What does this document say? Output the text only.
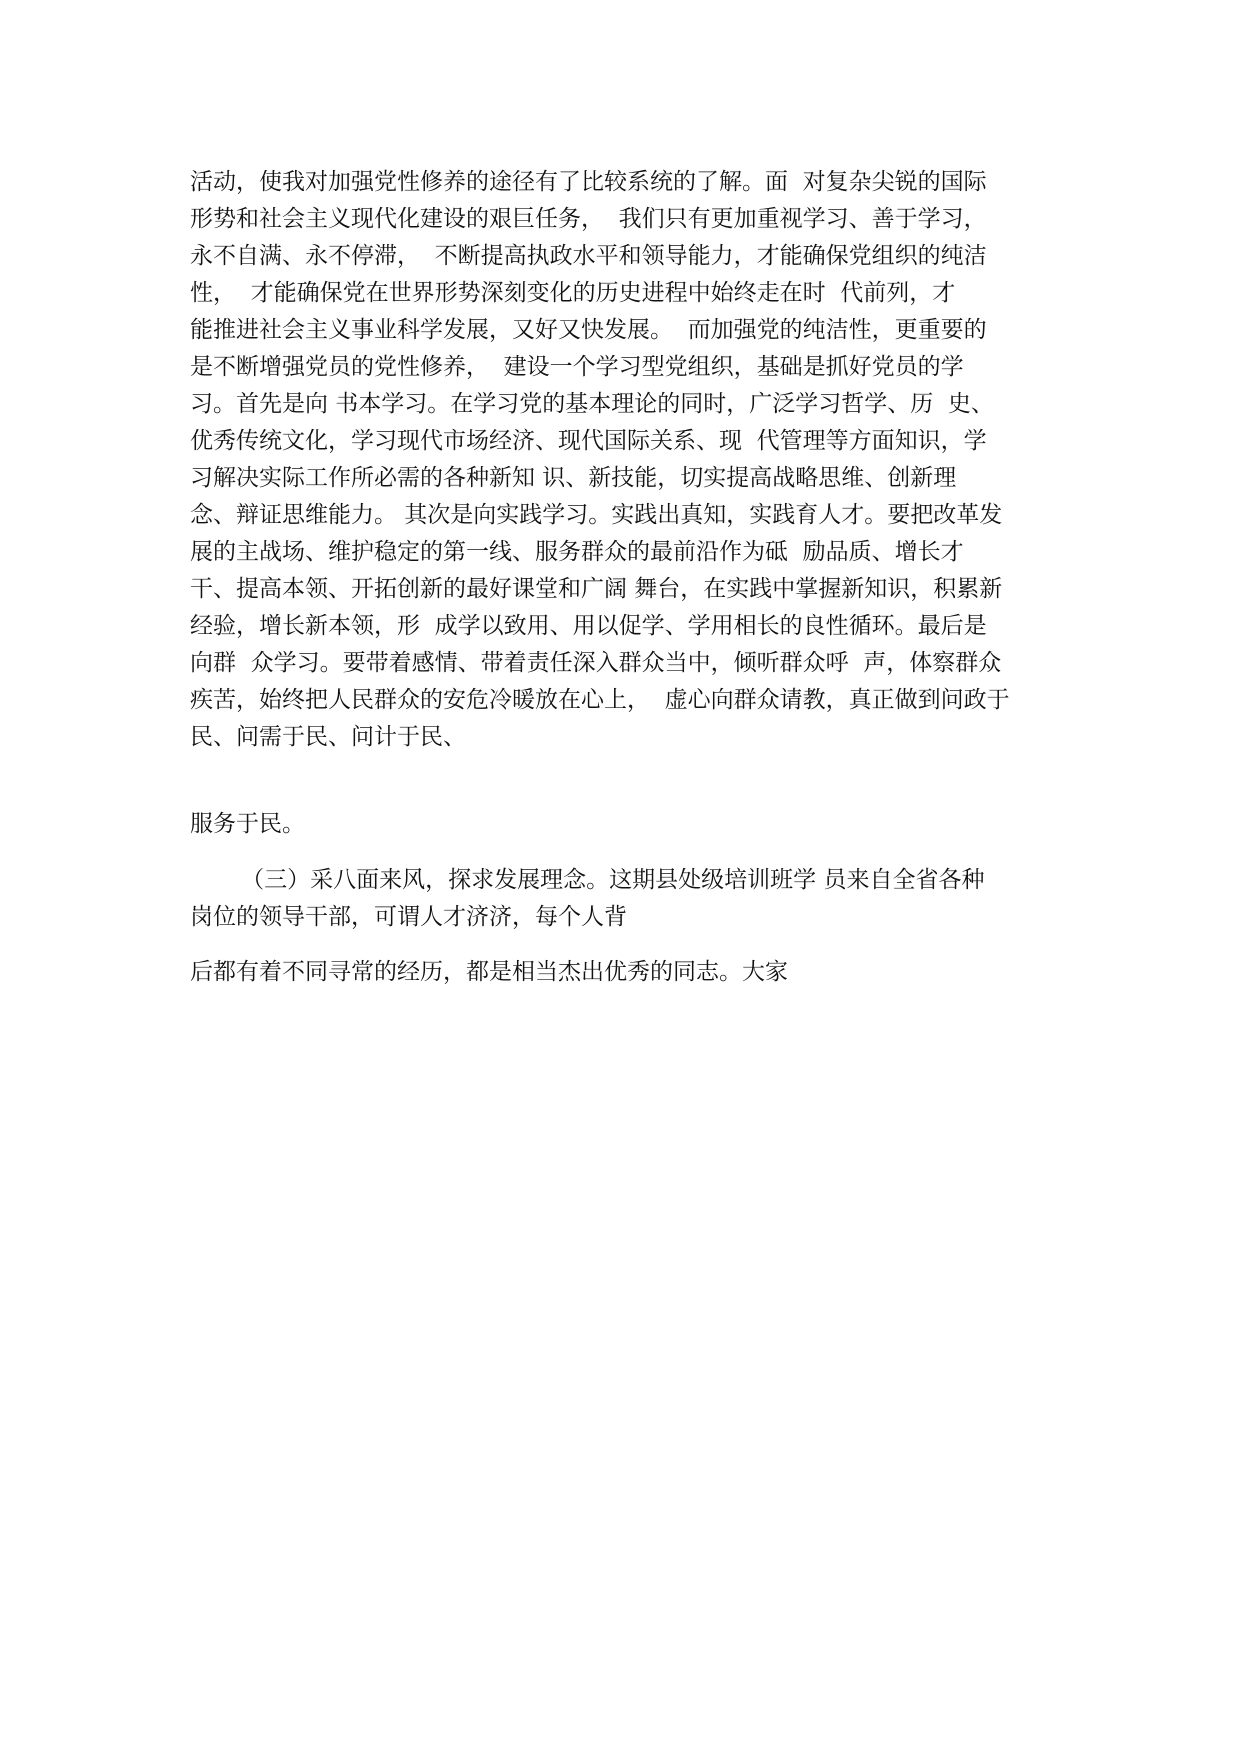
活动，使我对加强党性修养的途径有了比较系统的了解。面  对复杂尖锐的国际
形势和社会主义现代化建设的艰巨任务，  我们只有更加重视学习、善于学习，
永不自满、永不停滞，  不断提高执政水平和领导能力，才能确保党组织的纯洁
性，  才能确保党在世界形势深刻变化的历史进程中始终走在时  代前列，才
能推进社会主义事业科学发展，又好又快发展。  而加强党的纯洁性，更重要的
是不断增强党员的党性修养，  建设一个学习型党组织，基础是抓好党员的学
习。首先是向 书本学习。在学习党的基本理论的同时，广泛学习哲学、历  史、
优秀传统文化，学习现代市场经济、现代国际关系、现  代管理等方面知识，学
习解决实际工作所必需的各种新知 识、新技能，切实提高战略思维、创新理
念、辩证思维能力。 其次是向实践学习。实践出真知，实践育人才。要把改革发
展的主战场、维护稳定的第一线、服务群众的最前沿作为砥  励品质、增长才
干、提高本领、开拓创新的最好课堂和广阔 舞台，在实践中掌握新知识，积累新
经验，增长新本领，形  成学以致用、用以促学、学用相长的良性循环。最后是
向群  众学习。要带着感情、带着责任深入群众当中，倾听群众呼  声，体察群众
疾苦，始终把人民群众的安危冷暖放在心上，  虚心向群众请教，真正做到问政于
民、问需于民、问计于民、
服务于民。
（三）采八面来风，探求发展理念。这期县处级培训班学 员来自全省各种
岗位的领导干部，可谓人才济济，每个人背
后都有着不同寻常的经历，都是相当杰出优秀的同志。大家
